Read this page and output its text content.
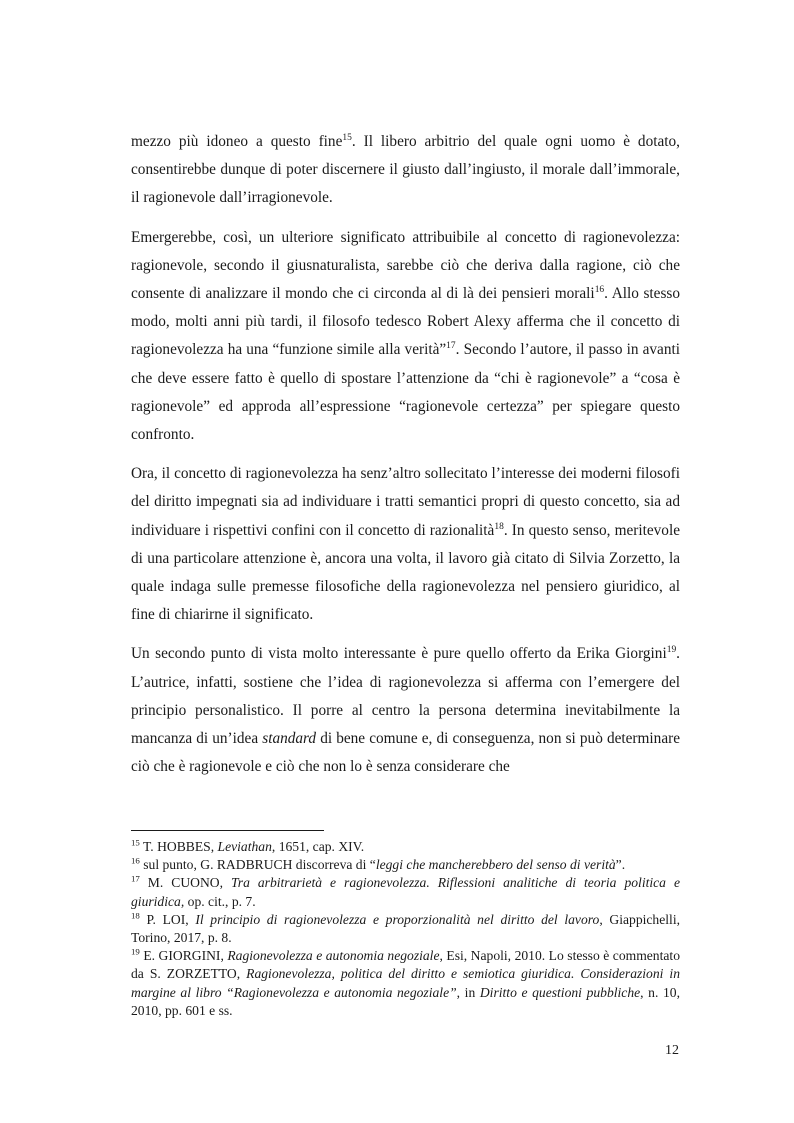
mezzo più idoneo a questo fine$^{15}$. Il libero arbitrio del quale ogni uomo è dotato, consentirebbe dunque di poter discernere il giusto dall’ingiusto, il morale dall’immorale, il ragionevole dall’irragionevole.

Emergerebbe, così, un ulteriore significato attribuibile al concetto di ragionevolezza: ragionevole, secondo il giusnaturalista, sarebbe ciò che deriva dalla ragione, ciò che consente di analizzare il mondo che ci circonda al di là dei pensieri morali$^{16}$. Allo stesso modo, molti anni più tardi, il filosofo tedesco Robert Alexy afferma che il concetto di ragionevolezza ha una “funzione simile alla verità”$^{17}$. Secondo l’autore, il passo in avanti che deve essere fatto è quello di spostare l’attenzione da “chi è ragionevole” a “cosa è ragionevole” ed approda all’espressione “ragionevole certezza” per spiegare questo confronto.

Ora, il concetto di ragionevolezza ha senz’altro sollecitato l’interesse dei moderni filosofi del diritto impegnati sia ad individuare i tratti semantici propri di questo concetto, sia ad individuare i rispettivi confini con il concetto di razionalità$^{18}$. In questo senso, meritevole di una particolare attenzione è, ancora una volta, il lavoro già citato di Silvia Zorzetto, la quale indaga sulle premesse filosofiche della ragionevolezza nel pensiero giuridico, al fine di chiarirne il significato.

Un secondo punto di vista molto interessante è pure quello offerto da Erika Giorgini$^{19}$. L’autrice, infatti, sostiene che l’idea di ragionevolezza si afferma con l’emergere del principio personalistico. Il porre al centro la persona determina inevitabilmente la mancanza di un’idea standard di bene comune e, di conseguenza, non si può determinare ciò che è ragionevole e ciò che non lo è senza considerare che

$^{15}$ T. HOBBES, Leviathan, 1651, cap. XIV.

$^{16}$ sul punto, G. RADBRUCH discorreva di “leggi che mancherebbero del senso di verità”.

$^{17}$ M. CUONO, Tra arbitrarietà e ragionevolezza. Riflessioni analitiche di teoria politica e giuridica, op. cit., p. 7.

$^{18}$ P. LOI, Il principio di ragionevolezza e proporzionalità nel diritto del lavoro, Giappichelli, Torino, 2017, p. 8.

$^{19}$ E. GIORGINI, Ragionevolezza e autonomia negoziale, Esi, Napoli, 2010. Lo stesso è commentato da S. ZORZETTO, Ragionevolezza, politica del diritto e semiotica giuridica. Considerazioni in margine al libro “Ragionevolezza e autonomia negoziale”, in Diritto e questioni pubbliche, n. 10, 2010, pp. 601 e ss.

12
